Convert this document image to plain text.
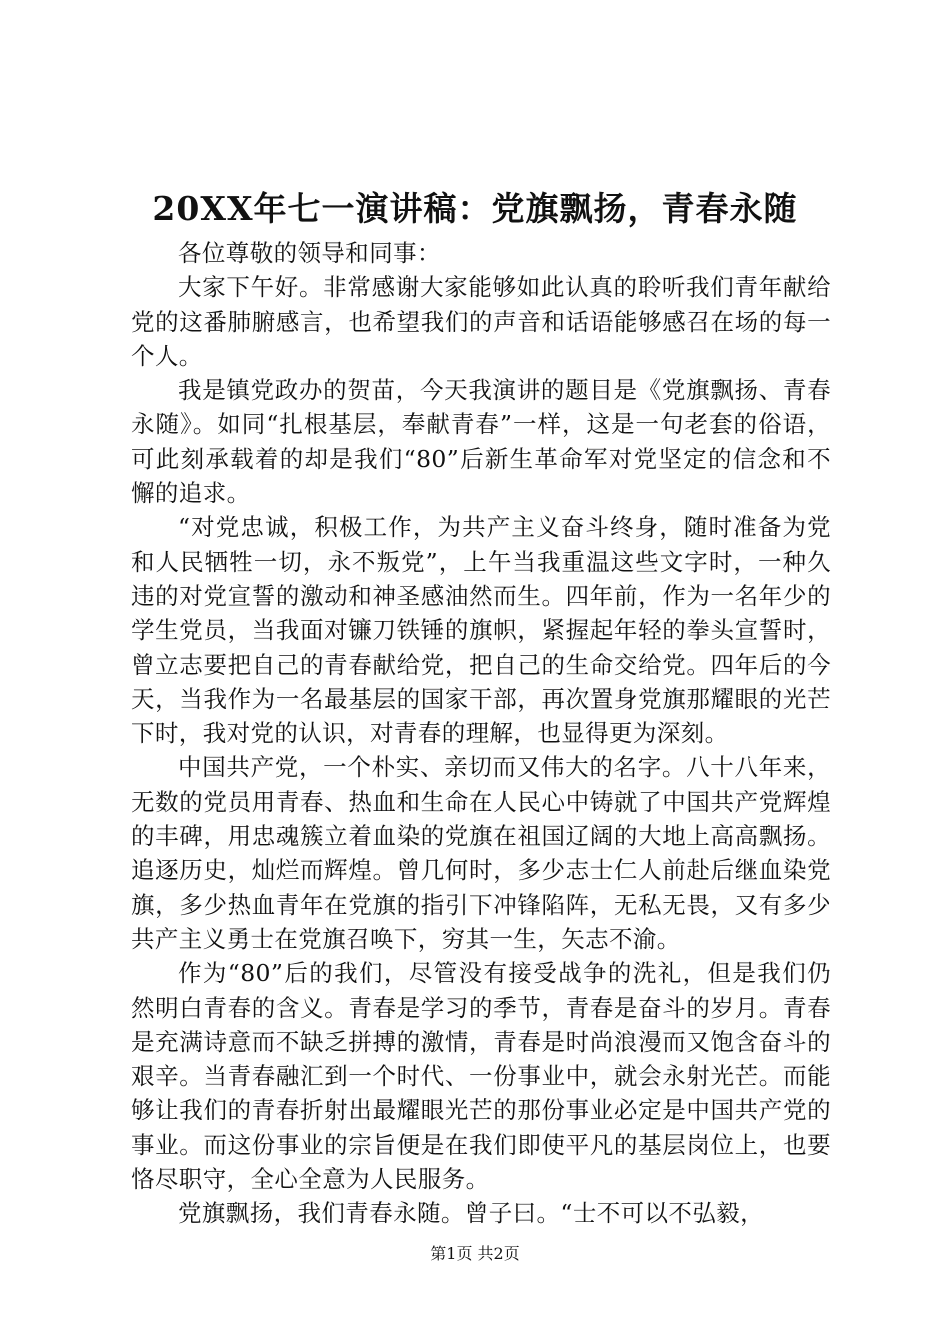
20XX年七一演讲稿：党旗飘扬，青春永随

各位尊敬的领导和同事：

大家下午好。非常感谢大家能够如此认真的聆听我们青年献给党的这番肺腑感言，也希望我们的声音和话语能够感召在场的每一个人。

我是镇党政办的贺苗，今天我演讲的题目是《党旗飘扬、青春永随》。如同“扎根基层，奉献青春”一样，这是一句老套的俗语，可此刻承载着的却是我们“80”后新生革命军对党坚定的信念和不懈的追求。

“对党忠诚，积极工作，为共产主义奋斗终身，随时准备为党和人民牺牲一切，永不叛党”，上午当我重温这些文字时，一种久违的对党宣誓的激动和神圣感油然而生。四年前，作为一名年少的学生党员，当我面对镰刀铁锤的旗帜，紧握起年轻的拳头宣誓时，曾立志要把自己的青春献给党，把自己的生命交给党。四年后的今天，当我作为一名最基层的国家干部，再次置身党旗那耀眼的光芒下时，我对党的认识，对青春的理解，也显得更为深刻。

中国共产党，一个朴实、亲切而又伟大的名字。八十八年来，无数的党员用青春、热血和生命在人民心中铸就了中国共产党辉煌的丰碑，用忠魂簇立着血染的党旗在祖国辽阔的大地上高高飘扬。追逐历史，灿烂而辉煌。曾几何时，多少志士仁人前赴后继血染党旗，多少热血青年在党旗的指引下冲锋陷阵，无私无畏，又有多少共产主义勇士在党旗召唤下，穷其一生，矢志不渝。

作为“80”后的我们，尽管没有接受战争的洗礼，但是我们仍然明白青春的含义。青春是学习的季节，青春是奋斗的岁月。青春是充满诗意而不缺乏拼搏的激情，青春是时尚浪漫而又饱含奋斗的艰辛。当青春融汇到一个时代、一份事业中，就会永射光芒。而能够让我们的青春折射出最耀眼光芒的那份事业必定是中国共产党的事业。而这份事业的宗旨便是在我们即使平凡的基层岗位上，也要恪尽职守，全心全意为人民服务。

党旗飘扬，我们青春永随。曾子曰。“士不可以不弘毅，

第1页 共2页
